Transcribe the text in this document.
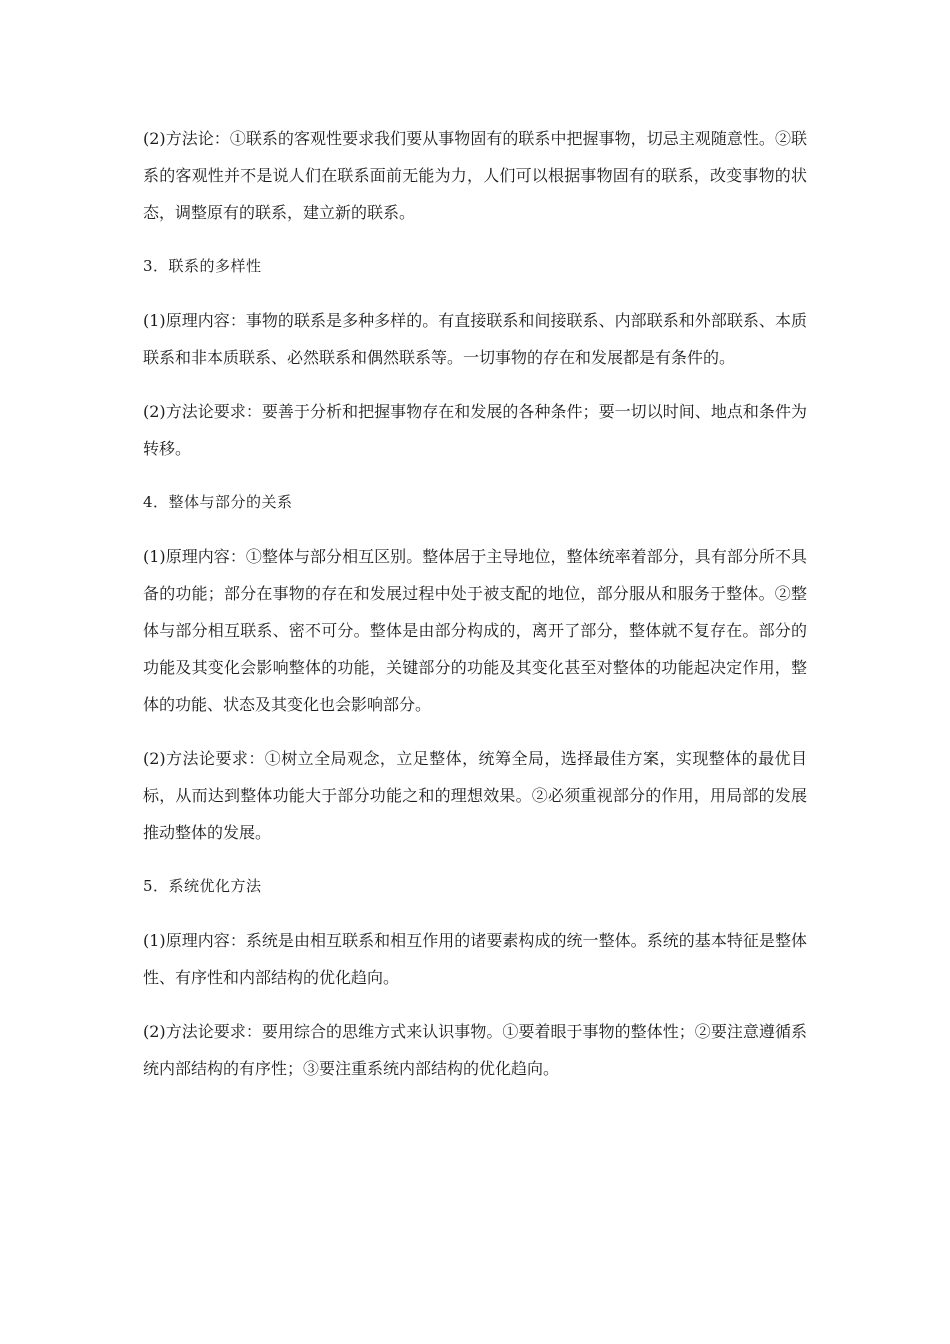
(2)方法论：①联系的客观性要求我们要从事物固有的联系中把握事物，切忌主观随意性。②联系的客观性并不是说人们在联系面前无能为力，人们可以根据事物固有的联系，改变事物的状态，调整原有的联系，建立新的联系。

3．联系的多样性

(1)原理内容：事物的联系是多种多样的。有直接联系和间接联系、内部联系和外部联系、本质联系和非本质联系、必然联系和偶然联系等。一切事物的存在和发展都是有条件的。

(2)方法论要求：要善于分析和把握事物存在和发展的各种条件；要一切以时间、地点和条件为转移。

4．整体与部分的关系

(1)原理内容：①整体与部分相互区别。整体居于主导地位，整体统率着部分，具有部分所不具备的功能；部分在事物的存在和发展过程中处于被支配的地位，部分服从和服务于整体。②整体与部分相互联系、密不可分。整体是由部分构成的，离开了部分，整体就不复存在。部分的功能及其变化会影响整体的功能，关键部分的功能及其变化甚至对整体的功能起决定作用，整体的功能、状态及其变化也会影响部分。

(2)方法论要求：①树立全局观念，立足整体，统筹全局，选择最佳方案，实现整体的最优目标，从而达到整体功能大于部分功能之和的理想效果。②必须重视部分的作用，用局部的发展推动整体的发展。

5．系统优化方法

(1)原理内容：系统是由相互联系和相互作用的诸要素构成的统一整体。系统的基本特征是整体性、有序性和内部结构的优化趋向。

(2)方法论要求：要用综合的思维方式来认识事物。①要着眼于事物的整体性；②要注意遵循系统内部结构的有序性；③要注重系统内部结构的优化趋向。
